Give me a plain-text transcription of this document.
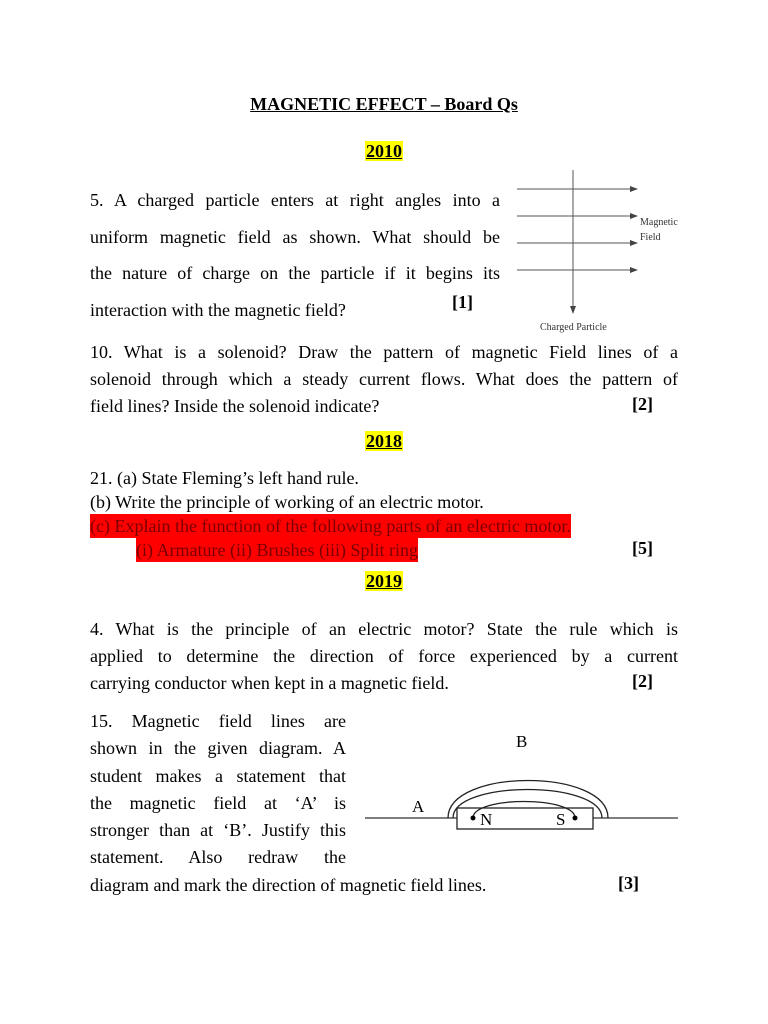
MAGNETIC EFFECT – Board Qs
2010
5. A charged particle enters at right angles into a
uniform magnetic field as shown. What should be
the nature of charge on the particle if it begins its
interaction with the magnetic field?	[1]
Magnetic
Field
Charged Particle
10. What is a solenoid? Draw the pattern of magnetic Field lines of a
solenoid through which a steady current flows. What does the pattern of
field lines? Inside the solenoid indicate?	[2]
2018
21. (a) State Fleming’s left hand rule.
(b) Write the principle of working of an electric motor.
(c) Explain the function of the following parts of an electric motor.
(i) Armature (ii) Brushes (iii) Split ring	[5]
2019
4. What is the principle of an electric motor? State the rule which is
applied to determine the direction of force experienced by a current
carrying conductor when kept in a magnetic field.	[2]
15. Magnetic field lines are
shown in the given diagram. A
student makes a statement that
the magnetic field at ‘A’ is
stronger than at ‘B’. Justify this
statement. Also redraw the
diagram and mark the direction of magnetic field lines.	[3]
N	S
A
B
